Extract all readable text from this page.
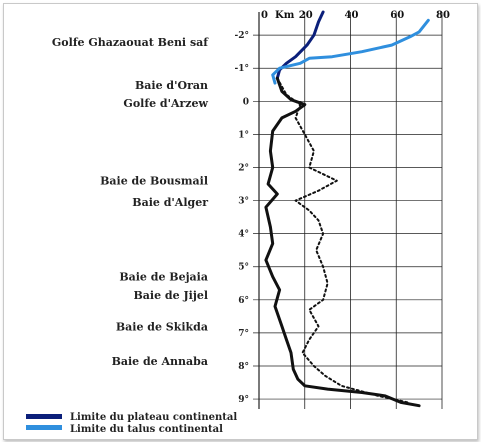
0	20	40	60	80
Km
-2°
-1°
0
1°
2°
3°
4°
5°
6°
7°
8°
9°
Golfe Ghazaouat Beni saf
Baie d'Oran
Golfe d'Arzew
Baie de Bousmail
Baie d'Alger
Baie de Bejaia
Baie de Jijel
Baie de Skikda
Baie de Annaba
Limite du plateau continental
Limite du talus continental
